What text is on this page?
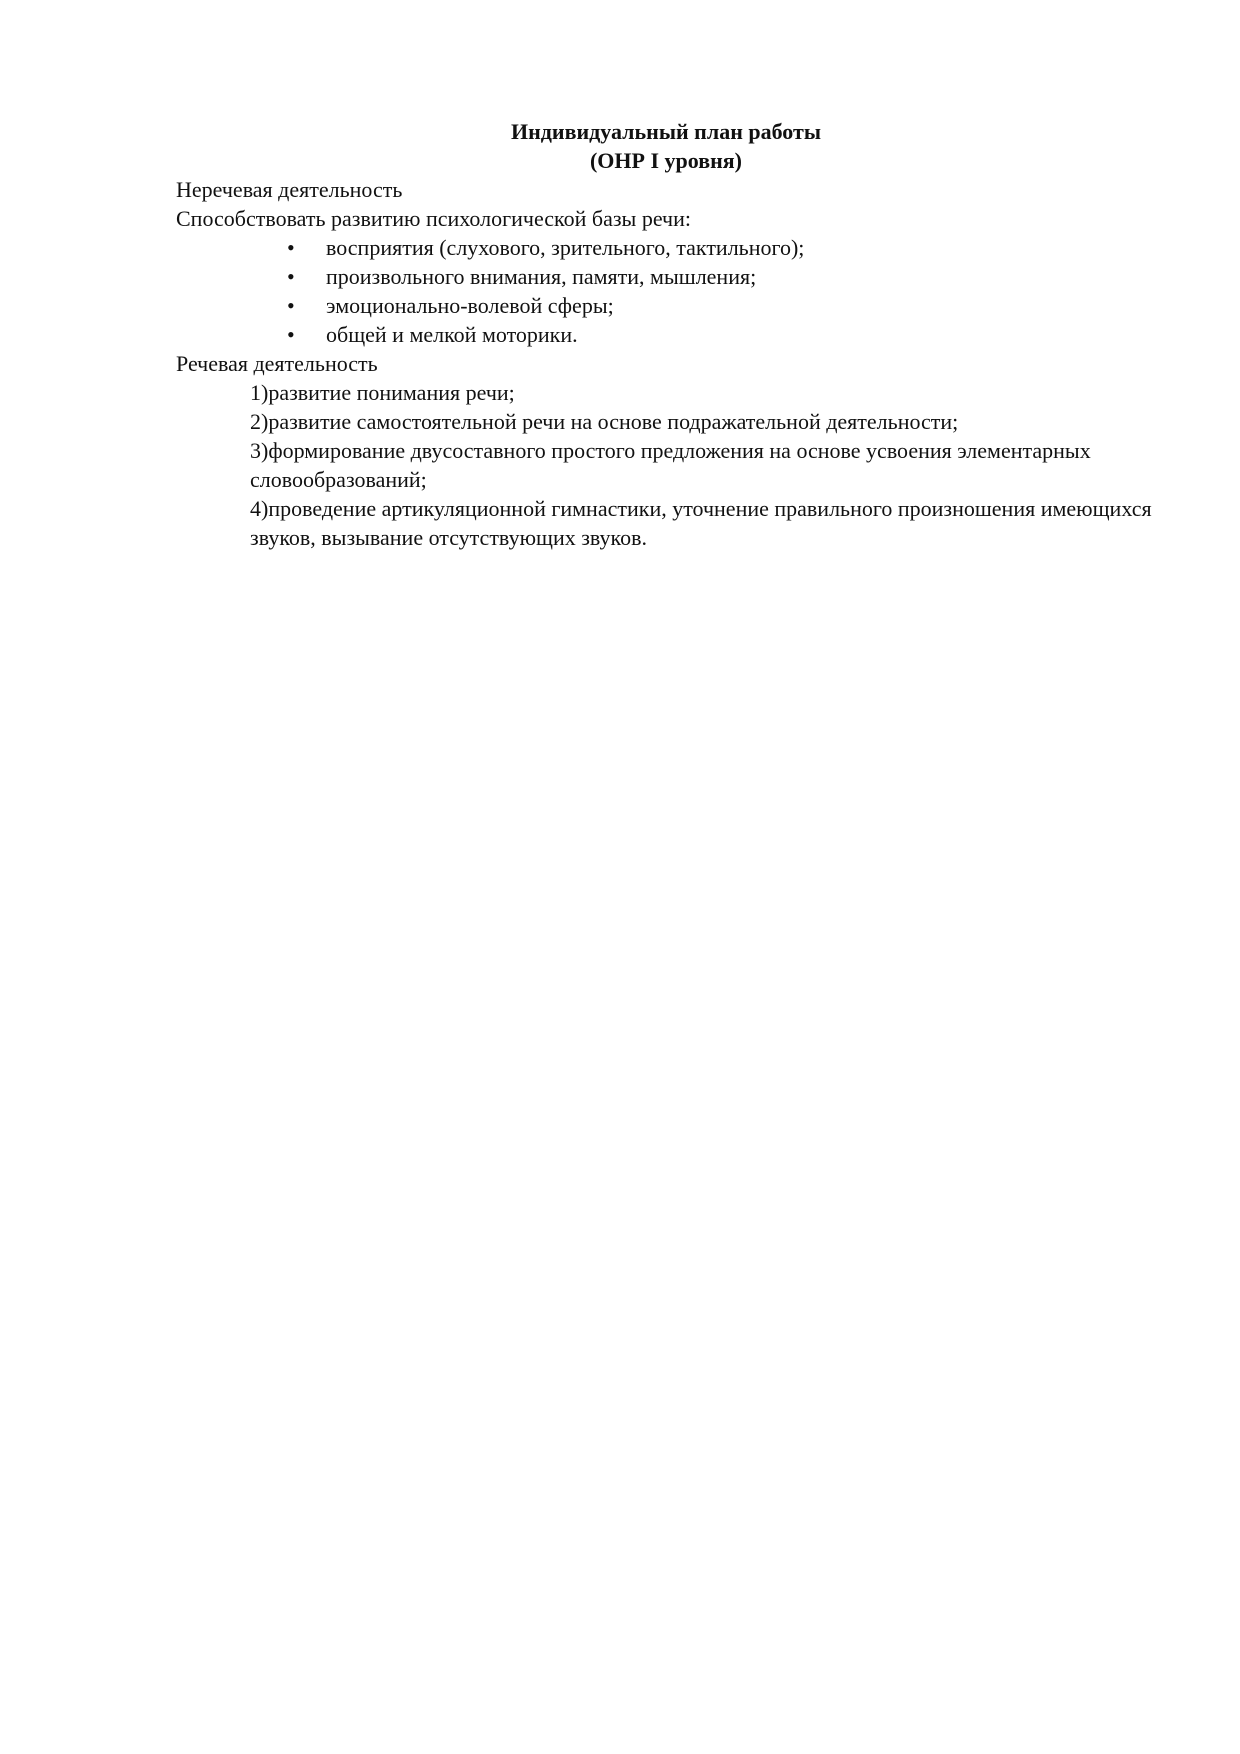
Индивидуальный план работы
(ОНР I уровня)
Неречевая деятельность
Способствовать развитию психологической базы речи:
• восприятия (слухового, зрительного, тактильного);
• произвольного внимания, памяти, мышления;
• эмоционально-волевой сферы;
• общей и мелкой моторики.
Речевая деятельность
1)развитие понимания речи;
2)развитие самостоятельной речи на основе подражательной деятельности;
3)формирование двусоставного простого предложения на основе усвоения элементарных словообразований;
4)проведение артикуляционной гимнастики, уточнение правильного произношения имеющихся звуков, вызывание отсутствующих звуков.
